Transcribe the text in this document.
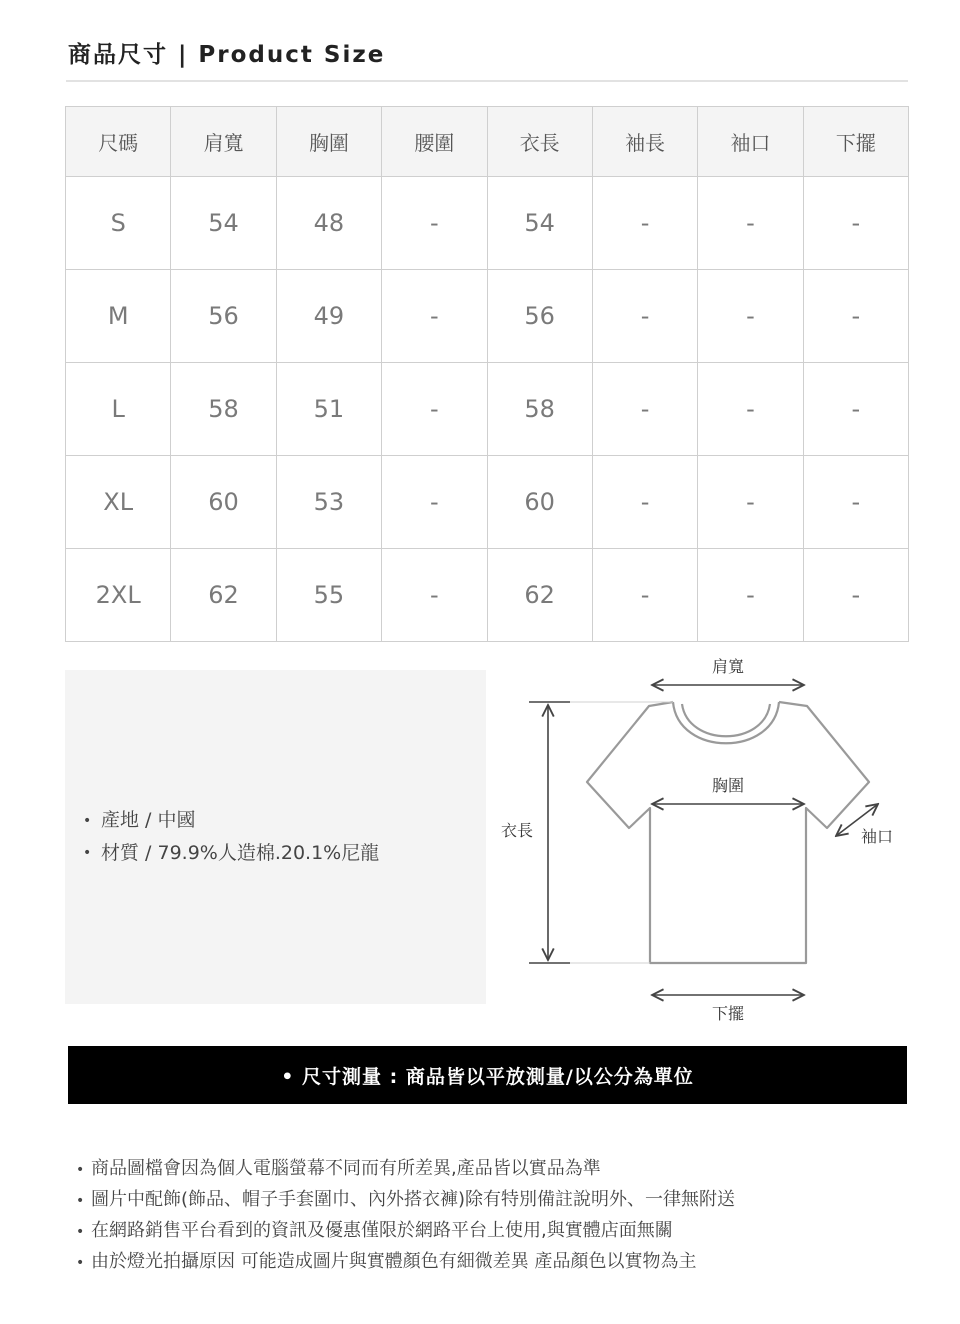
商品尺寸 | Product Size
尺碼	肩寬	胸圍	腰圍	衣長	袖長	袖口	下擺
S	54	48	-	54	-	-	-
M	56	49	-	56	-	-	-
L	58	51	-	58	-	-	-
XL	60	53	-	60	-	-	-
2XL	62	55	-	62	-	-	-
• 產地 / 中國
• 材質 / 79.9%人造棉.20.1%尼龍
衣長
肩寬
胸圍
袖口
下擺
• 尺寸測量 : 商品皆以平放測量/以公分為單位
• 商品圖檔會因為個人電腦螢幕不同而有所差異,產品皆以實品為準
• 圖片中配飾(飾品、帽子手套圍巾、內外搭衣褲)除有特別備註說明外、一律無附送
• 在網路銷售平台看到的資訊及優惠僅限於網路平台上使用,與實體店面無關
• 由於燈光拍攝原因 可能造成圖片與實體顏色有細微差異 產品顏色以實物為主
